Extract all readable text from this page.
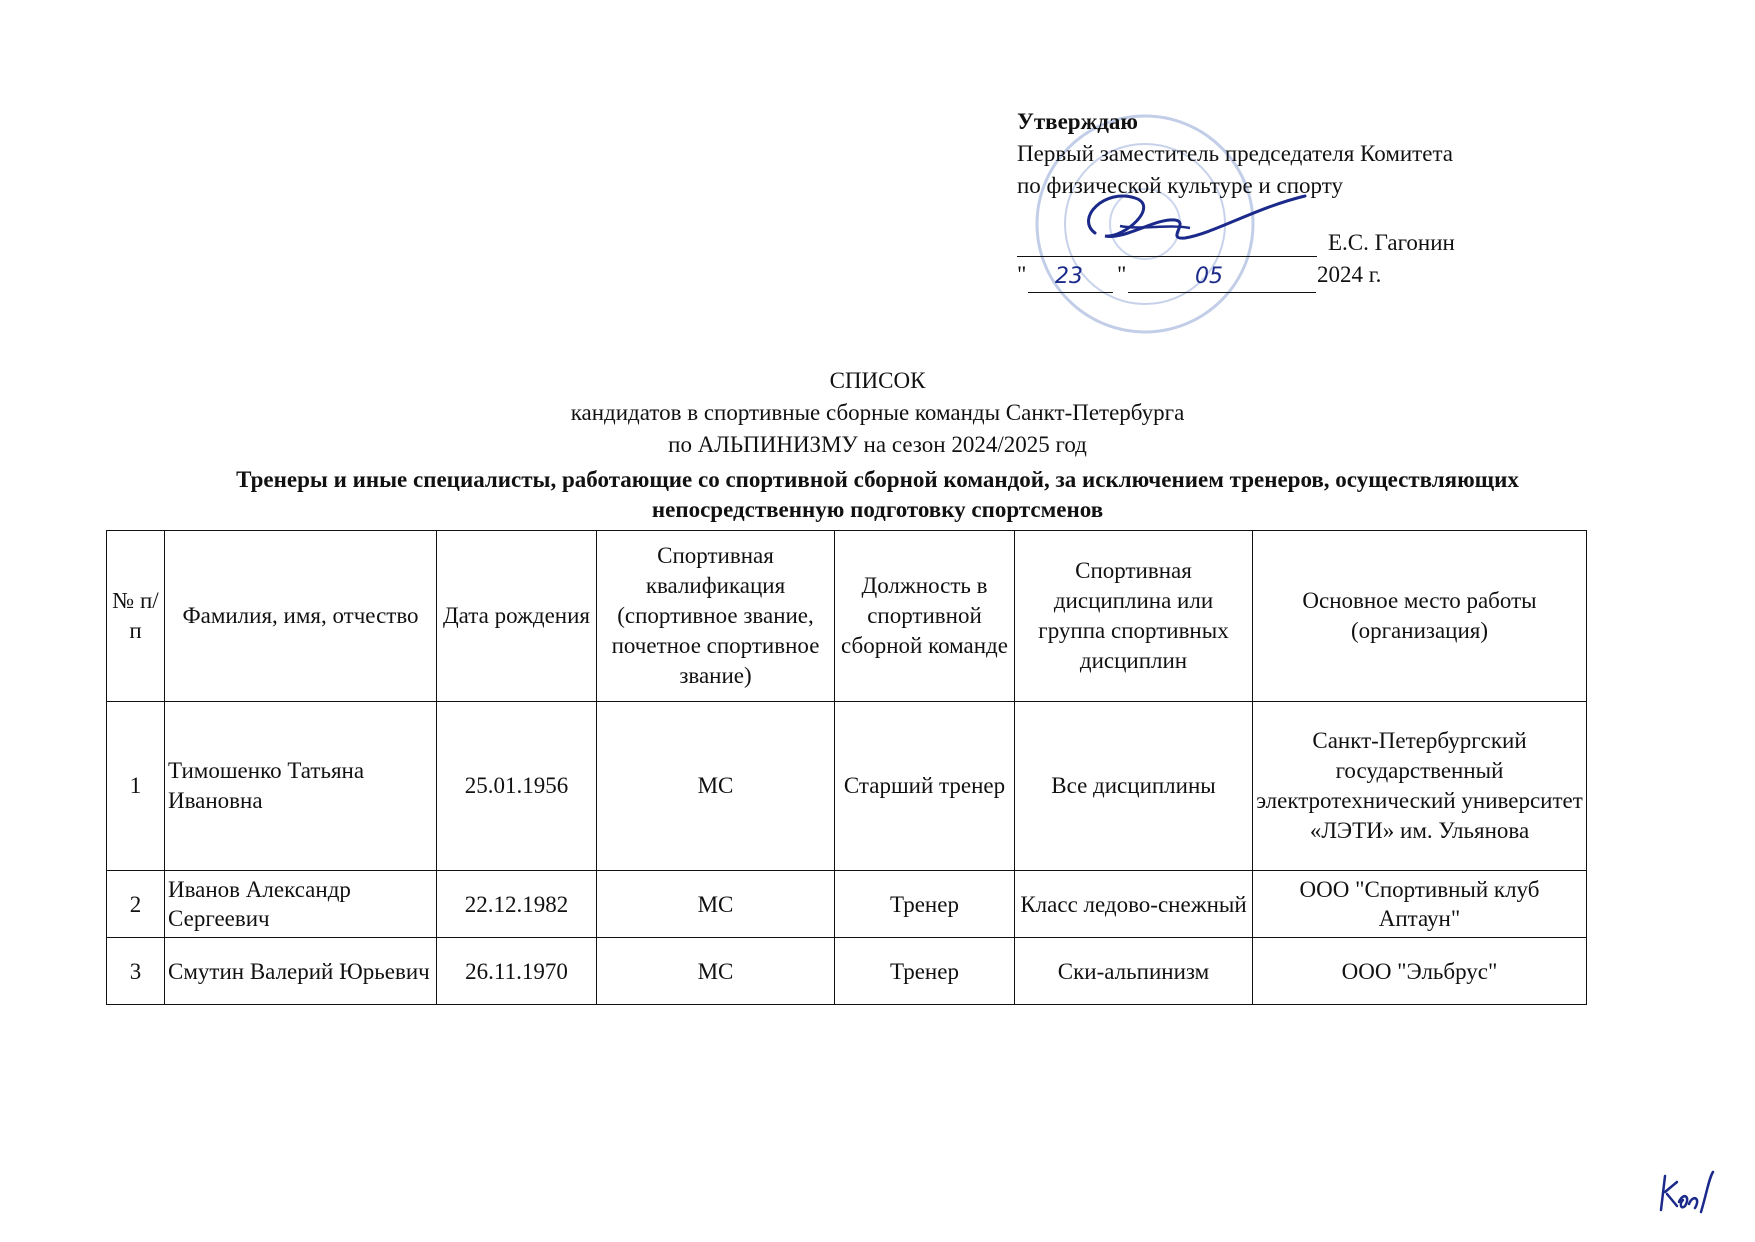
Утверждаю
Первый заместитель председателя Комитета
по физической культуре и спорту
Е.С. Гагонин
" 23 "	05	2024 г.
СПИСОК
кандидатов в спортивные сборные команды Санкт-Петербурга
по АЛЬПИНИЗМУ на сезон 2024/2025 год
Тренеры и иные специалисты, работающие со спортивной сборной командой, за исключением тренеров, осуществляющих непосредственную подготовку спортсменов
№ п/п	Фамилия, имя, отчество	Дата рождения	Спортивная квалификация (спортивное звание, почетное спортивное звание)	Должность в спортивной сборной команде	Спортивная дисциплина или группа спортивных дисциплин	Основное место работы (организация)
1	Тимошенко Татьяна Ивановна	25.01.1956	МС	Старший тренер	Все дисциплины	Санкт-Петербургский государственный электротехнический университет «ЛЭТИ» им. Ульянова
2	Иванов Александр Сергеевич	22.12.1982	МС	Тренер	Класс ледово-снежный	ООО "Спортивный клуб Аптаун"
3	Смутин Валерий Юрьевич	26.11.1970	МС	Тренер	Ски-альпинизм	ООО "Эльбрус"
